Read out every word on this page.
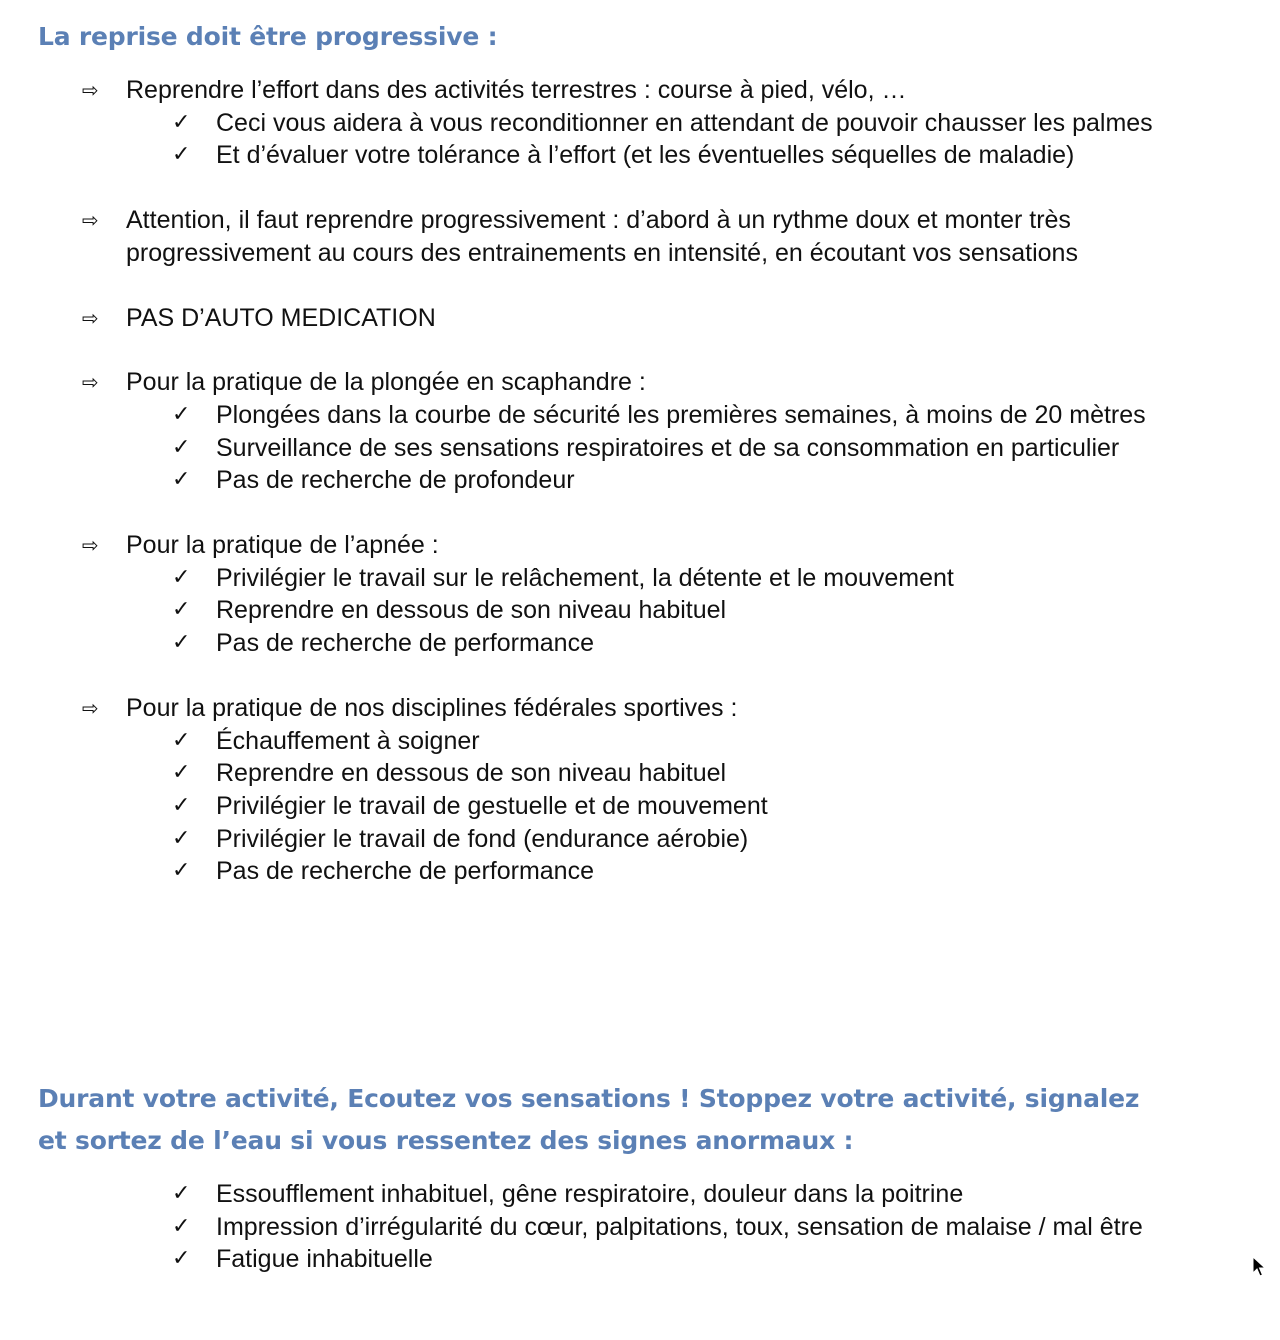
La reprise doit être progressive :
⇨	Reprendre l’effort dans des activités terrestres : course à pied, vélo, …
✓	Ceci vous aidera à vous reconditionner en attendant de pouvoir chausser les palmes
✓	Et d’évaluer votre tolérance à l’effort (et les éventuelles séquelles de maladie)
⇨	Attention, il faut reprendre progressivement : d’abord à un rythme doux et monter très progressivement au cours des entrainements en intensité, en écoutant vos sensations
⇨	PAS D’AUTO MEDICATION
⇨	Pour la pratique de la plongée en scaphandre :
✓	Plongées dans la courbe de sécurité les premières semaines, à moins de 20 mètres
✓	Surveillance de ses sensations respiratoires et de sa consommation en particulier
✓	Pas de recherche de profondeur
⇨	Pour la pratique de l’apnée :
✓	Privilégier le travail sur le relâchement, la détente et le mouvement
✓	Reprendre en dessous de son niveau habituel
✓	Pas de recherche de performance
⇨	Pour la pratique de nos disciplines fédérales sportives :
✓	Échauffement à soigner
✓	Reprendre en dessous de son niveau habituel
✓	Privilégier le travail de gestuelle et de mouvement
✓	Privilégier le travail de fond (endurance aérobie)
✓	Pas de recherche de performance
Durant votre activité, Ecoutez vos sensations ! Stoppez votre activité, signalez et sortez de l’eau si vous ressentez des signes anormaux :
✓	Essoufflement inhabituel, gêne respiratoire, douleur dans la poitrine
✓	Impression d’irrégularité du cœur, palpitations, toux, sensation de malaise / mal être
✓	Fatigue inhabituelle
